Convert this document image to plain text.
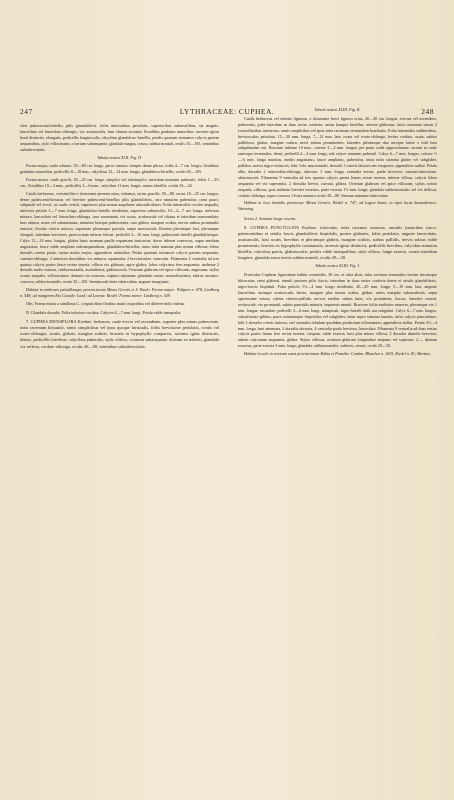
247	LYTHRACEAE: CUPHEA.	248

viter puberacenti-hirtello, pilis glanduliferis. foliis inferioribus petiolatis, superioribus subsessilibus, sat magnis, lanceolato vel lanceolato-oblongis, vix acutiusculis, basi obtusis arcuatis; floralibus gradatim minoribus, racemis igitur haud distinctis, elongatis, pedicellis longiusculis, calycibus glanduloso-hirtellis, petalis quartam tertiamve calycis partem aequantibus, stylo villosissimo, ovarium subaequante, glandula magna, crassa, subhorizontali, ovulis 33—105, seminibus subtuberculatis.

Tabula nostra XLII. Fig. II.

Forma major, caule robusto, 50—80 cm. longo, parce ramoso, semper dense piloso, foliis 4—7 cm. longis, floralibus gradatim minoribus, pedicellis 8—10 mm., calycibus 12—14 mm. longis, glanduloso-hirtellis, ovulis 65—105.

Forma minor, caule gracili, 18—25 cm. longo, simplici vel subsimplici, interdum minutim puberulo, foliis 1—3½ cm., floralibus 10—3 mm., pedicellis 3—6 mm., calycibus 11 mm. longis, minus hirtellis, ovulis 33—44.

Caulis herbaceus, verisimiliter e rhizomate perenni ortus, robustus, rarius gracilis, 50—80, rarius 18—25 cm. longus, dense pubescenti-hirsutus vel breviter pubescenti-hirtellus pilis glanduliferis, raro minutim puberulus; rami pauci, subpatuli vel erecti, ut caulis vestiti, superiores plus minus ampliatae subcauliculares. Folia internodiis circiter aequalia, inferiora petiolo 1—7 mm. longo, glanduloso-hirtello insidentia, superiora subsessilia; 10—4—7 cm. longa, inferiora minora, lanceolata vel lanceolato-oblonga, raro acuminata, vix acuta, acutiuscula vel obtusa et interdum mucronulata, basi obtusa, acuta vel subattenuata, minutim laxeque pubescentia, raro glabra, margine scabra, nervis subtus prominulis remotis; floralia ceteris minora, supremae plerumque parvula, saepe macroscula. Racemi plerumque laxi, plerumque elongati, interdum breviores, praecocitate inferne foliosi; pedicelli 3—10 mm. longi, pubescenti-hirtelli glanduliferique. Calyx 11—14 mm. longus, glabra basis nonnum paullo expansam instructus, dorso inferne convexus, supra medium angustatus, fauce valde ampliata subcampanulatus, glanduloso-hirtellus, intus infra stamina plus minus villosus; lobus dorsalis ceteris paulo, varius multo major; appendices subnullae. Petala quartam tertiamve calycis partem aequantia, cuneato-oblonga, 2 anteriora dorsalibus vix minora; squamulae 2 breviusculae, truncatae. Filamenta 2 ventralia ad tres quartas calycis partes fauce rectae inserta, villosa vix glabrata, apice glabra, lobos calycinos fere aequantia; antherae 2 dorsalis multo minora, subhorizontalis, ascendentia, glabriuscula. Ovarium glabrum vel apice villosum, angustum; stylus ovario aequalis, villosissimus, domum vix exsertus; stigma capitatum; glandula crassa, semiorbicularis, subtus carinato-convexa, subhorizontalis; ovula 33—105. Semina sub lente tuberculata, anguste marginata.

Habitat in umbrosis paludibusque provinciarum Minas Geraës et S. Paulo. Forma major: Widgren n. 478, Lindberg n. 548; ad marginem Rio Grande; Lund; ad Lorena: Riedel. Forma minor: Lindberg n. 549.

Obs. Forma minor a simillima C. crispuloflora floribus multo majoribus vel differre mihi videtur.

D. Glandula dorsalis. Folia inferiore cordata. Calyces 6—7 mm. longi. Petala valde inaequalia.

7. CUPHEA DENSIFLORA Koehne: herbacea, caule erecto vel ascendente, superne plus minus pubescente, infra racemum hirsutulo, ramis simplicibus vel ipsis quoque hirsutulis, foliis brevissime petiolatis, ovatis vel ovato-oblongis, acutis, glabris, margine scabris, bracteis in hypophyllo compactis, racemis igitur distinctis, densis, pedicellis brevibus, calycibus puberulis, stylo villoso, ovarium subaequante, dorsum ex mberto, glandula vix reflexa, cordato-oblonga, ovulis 40—80, seminibus subtuberculatis.

Tabula nostra XLIII. Fig. II.

Caulis herbaceus vel inferne lignosus, e rhizomate brevi lignoso ortus, 20—30 cm. longus, erectus vel ascendens, pubescens, pube interdum in duas series conferta, rarius hamper birtellus, inferne glabratus, infra racemum tenuis 2 extraxillaribus instructus; ramis simplicibus vel ipsis infra racemum terminalem brachiatis. Folia internodiis subbrevibus, breviusculus petiolata, 15—30 mm. longa, 7—12 mm. lata, ovata vel ovato-oblonga, leviter cordata, acuta, subtus pallidiora, glabra, margine scabra; nervi subtus prominentes, laterales plerumque duo utroque latere e folii basi subpalmatim orti. Bracteae infimae 10 mm., ceterae 3—2 mm. longae, per paria valde approximatae; racemi in caule ramisque terminales, densi; pedicelli 2—4 mm. longi, sub calyce minutim puberuli. Calyx 6—7 mm. longus, calcare ½—¾ mm. longo munitus, medio angustatus, fauce ampliatus, puberulus, intus infra stamina glaber vel subglaber, pallidus, nervis nigro-violaceis; lobi: lobi, mucronulati, dorsalis 3 ceteris latiores nec longiores; appendices nullae. Petala alba, dorsalia 2 subcordato-oblonga, obovata, 3 mm. longa, ventralia erecta, paulo breviora, cuneato-lanceolata, obtusiuscula. Filamenta 9 ventralia ad tres quartas calycis partes lineas rectae inserta, inferne villosa, calycis lobos aequantia vel vix superantia, 2 dorsalia brevia, curvata, glabra. Ovarium glabrum vel apice villosum; stylus ovario aequalis, villosus, post anthesin breviter exsertus, parte exserta 1½ mm. longa; glandula subhorizontalis vel vix deflexa, cordato-oblonga, supra concava. Ovula numero ovula 40—80. Semina minutim tuberculata.

Habitat in loco humidis provinciae Minas Geraës: Riedel n. 747; ad Lagoa Santa, in vipis locus Saumidoners: Warming.

Series 2. Seminia longe exserta.

8. CUPHEA PUNCTULATA Koehne: fruticulus, infra racemos ramosus, ramulis junioribus fusco-pubescentibus et setulis fuscis glanduliferis hispidulis, postea glabratis, foliis petiolatis, anguste lanceolatis, acutiusculis, basi acutis, brevibus et plerumque glabris, margine scabris, subtus pallidis, nervis subtus valde prominentis, bracteis in hypophyllo commutatis, racemis igitur distinctis, pedicellis brevibus, calycibus minutim hirtellis, calycibus parvis, glabriusculis, petalis valde inaequalibus, stylo villoso, longe exserto, ovario interdum longiore, glandula tenui teretis subhorizontali, ovulis 29—50.

Tabula nostra XLIII. Fig. I.

Fruticulus Cupheae lignosimae habitu consimilis, 30 cm. et ultra altus, infra racemos terminales iterum furcatoque bifurcatus; rami glabrati, ramuli juniores pilis fuscis, interdum in duas series conferta dense et setulis glanduliferis, nigro-fuscis hispiduli. Folia petiolo 1½—4 mm. longo insidentia, 20—45 mm. longa, 5—10 mm. lata, anguste lanceolata, utrinque acutiuscula, laevia, margine plus minus scabra, glabra, raries margine subsacabrula, supra sparsissime setosa, subtus cinereo-pallida; nervus medius subtus latus, vix prominens, fuscus, laterales remoti, rectiuscule, vix prominuli, subtus punctulis minutis, impressis muniti. Bracteae foliis multoties minores, plerumque vix 1 mm. longae, secundae; pedicelli 3—6 mm. longi, subapicali, nigro-hirtelli dulli aut subglabri. Calyx 6—7 mm. longus, subcalcarato-gibbus, parce minutimque hispidulus vel subglaber, intus supra stamina lanatus, infra calycis punctulatus; lobi 2 dorsales ceteris latiores, sed ventrales lobulum quoddam productum efformantes; appendices nullae. Petala 3½—4 mm. longa, basi attenuata, 2 dorsalia obovata, 4 ventralia paulo breviora, lanceolata. Filamenta 9 ventralia ad duas tertias calycis partes lineas fere rectae inserta, crispata, valde exserta, basi plus minus villosa; 2 dorsalia dimidio breviora, tubum calycinum aequantia, glabra. Stylus villosus, ovarium glabrum longitudine aequans vel superans, 2—, demum exsertus, parte exserta 3 mm. longa; glandula subhorizontalis, subteres, tenuis; ovula 29—50.

Habitat in solo in rivorum saxis provinciarum Bahia et Paraiba: Cardan, Blanchet n. 1635, Riedel n. 81, Martius.
